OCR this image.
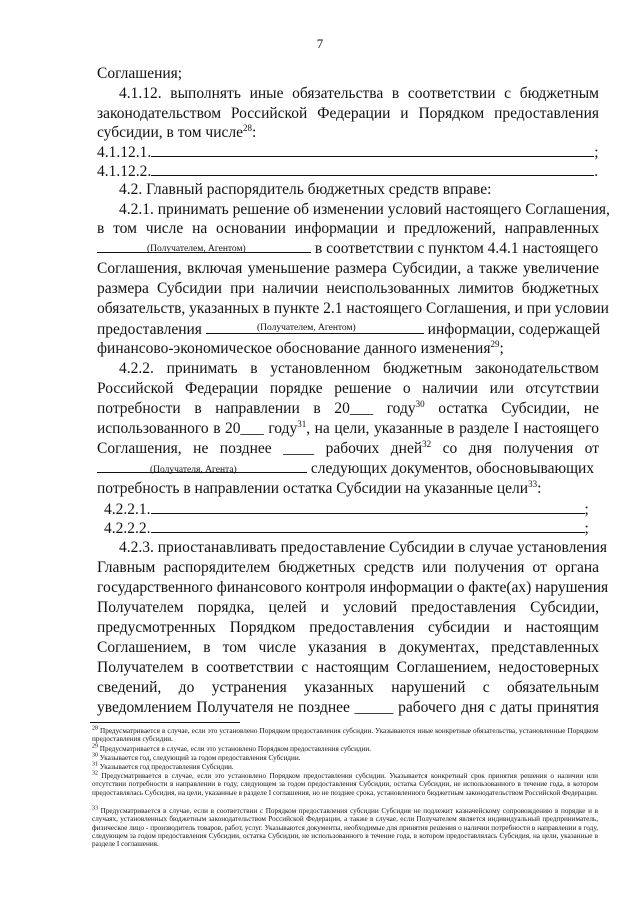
7
Соглашения;
4.1.12. выполнять иные обязательства в соответствии с бюджетным
законодательством Российской Федерации и Порядком предоставления
субсидии, в том числе$^{28}$:
4.1.12.1.	;
4.1.12.2.	.
4.2. Главный распорядитель бюджетных средств вправе:
4.2.1. принимать решение об изменении условий настоящего Соглашения,
в том числе на основании информации и предложений, направленных
в соответствии с пунктом 4.4.1 настоящего
(Получателем, Агентом)
Соглашения, включая уменьшение размера Субсидии, а также увеличение
размера Субсидии при наличии неиспользованных лимитов бюджетных
обязательств, указанных в пункте 2.1 настоящего Соглашения, и при условии
предоставления	информации, содержащей
(Получателем, Агентом)
финансово-экономическое обоснование данного изменения$^{29}$;
4.2.2. принимать в установленном бюджетным законодательством
Российской Федерации порядке решение о наличии или отсутствии
потребности в направлении в 20___ году$^{30}$ остатка Субсидии, не
использованного в 20___ году$^{31}$, на цели, указанные в разделе I настоящего
Соглашения, не позднее ____ рабочих дней$^{32}$ со дня получения от
следующих документов, обосновывающих
(Получателя, Агента)
потребность в направлении остатка Субсидии на указанные цели$^{33}$:
4.2.2.1.	;
4.2.2.2.	;
4.2.3. приостанавливать предоставление Субсидии в случае установления
Главным распорядителем бюджетных средств или получения от органа
государственного финансового контроля информации о факте(ах) нарушения
Получателем порядка, целей и условий предоставления Субсидии,
предусмотренных Порядком предоставления субсидии и настоящим
Соглашением, в том числе указания в документах, представленных
Получателем в соответствии с настоящим Соглашением, недостоверных
сведений, до устранения указанных нарушений с обязательным
уведомлением Получателя не позднее _____ рабочего дня с даты принятия
$^{28}$ Предусматривается в случае, если это установлено Порядком предоставления субсидии. Указываются иные конкретные обязательства, установленные Порядком предоставления субсидии.
$^{29}$ Предусматривается в случае, если это установлено Порядком предоставления субсидии.
$^{30}$ Указывается год, следующий за годом предоставления Субсидии.
$^{31}$ Указывается год предоставления Субсидии.
$^{32}$ Предусматривается в случае, если это установлено Порядком предоставления субсидии. Указывается конкретный срок принятия решения о наличии или отсутствии потребности в направлении в году, следующем за годом предоставления Субсидии, остатка Субсидии, не использованного в течение года, в котором предоставлялась Субсидия, на цели, указанные в разделе I соглашения, но не позднее срока, установленного бюджетным законодательством Российской Федерации.
$^{33}$ Предусматривается в случае, если в соответствии с Порядком предоставления субсидии Субсидия не подлежит казначейскому сопровождению в порядке и в случаях, установленных бюджетным законодательством Российской Федерации, а также в случае, если Получателем является индивидуальный предприниматель, физическое лицо - производитель товаров, работ, услуг. Указываются документы, необходимые для принятия решения о наличии потребности в направлении в году, следующем за годом предоставления Субсидии, остатка Субсидии, не использованного в течение года, в котором предоставлялась Субсидия, на цели, указанные в разделе I соглашения.
